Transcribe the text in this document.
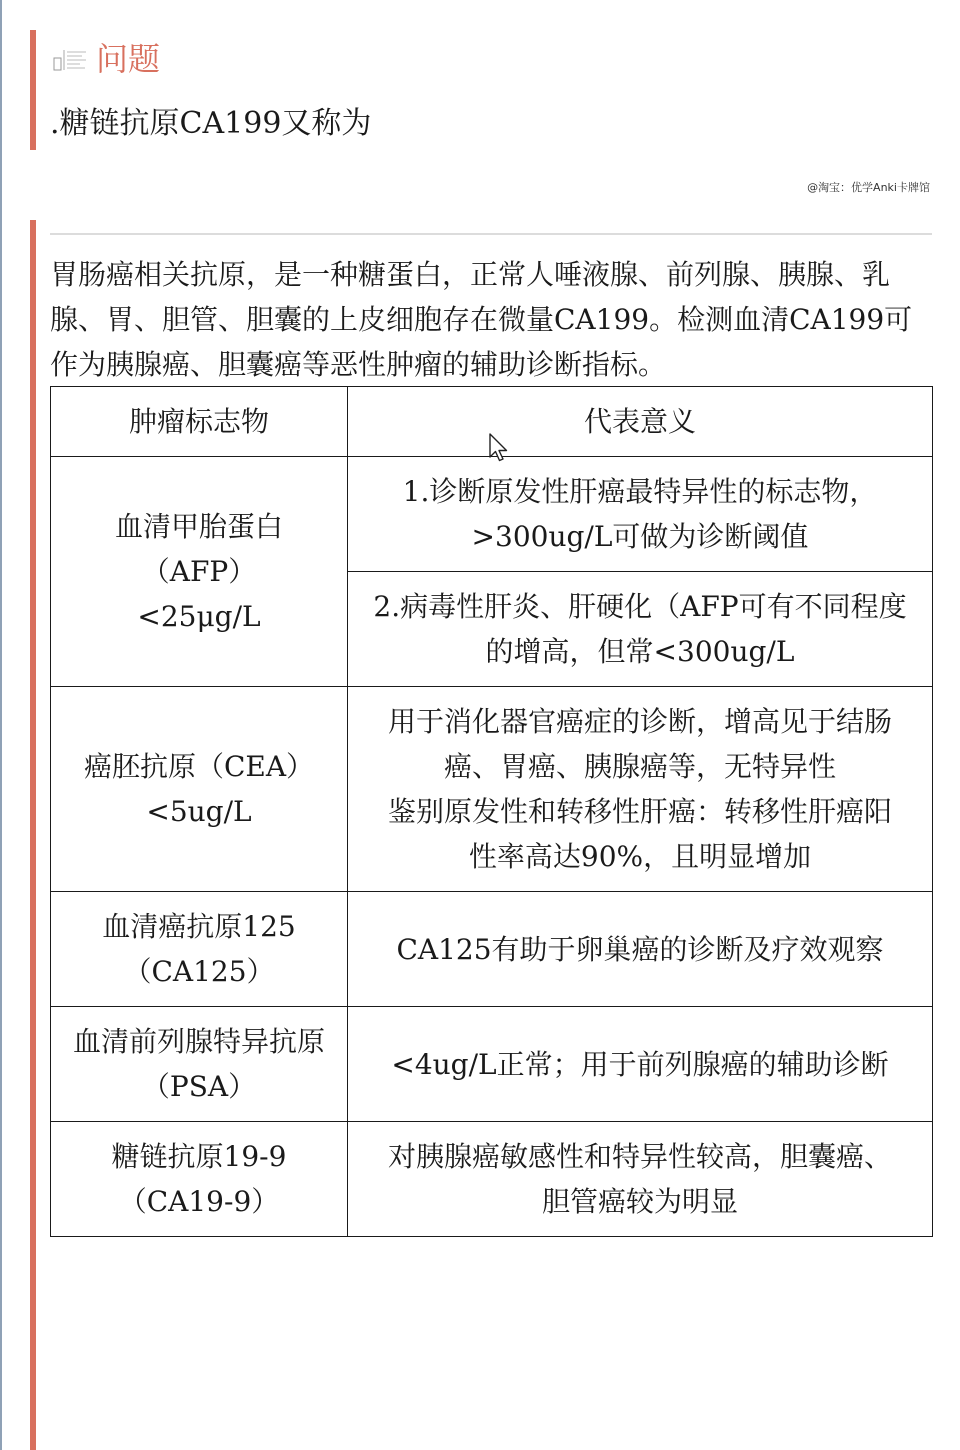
问题
.糖链抗原CA199又称为
@淘宝：优学Anki卡牌馆

胃肠癌相关抗原，是一种糖蛋白，正常人唾液腺、前列腺、胰腺、乳腺、胃、胆管、胆囊的上皮细胞存在微量CA199。检测血清CA199可作为胰腺癌、胆囊癌等恶性肿瘤的辅助诊断指标。

肿瘤标志物	代表意义

血清甲胎蛋白
（AFP）
<25μg/L	1.诊断原发性肝癌最特异性的标志物，
>300ug/L可做为诊断阈值

	2.病毒性肝炎、肝硬化（AFP可有不同程度
的增高，但常<300ug/L

癌胚抗原（CEA）
<5ug/L	用于消化器官癌症的诊断，增高见于结肠
癌、胃癌、胰腺癌等，无特异性
鉴别原发性和转移性肝癌：转移性肝癌阳
性率高达90%，且明显增加

血清癌抗原125
（CA125）	CA125有助于卵巢癌的诊断及疗效观察

血清前列腺特异抗原
（PSA）	<4ug/L正常；用于前列腺癌的辅助诊断

糖链抗原19-9
（CA19-9）	对胰腺癌敏感性和特异性较高，胆囊癌、
胆管癌较为明显
